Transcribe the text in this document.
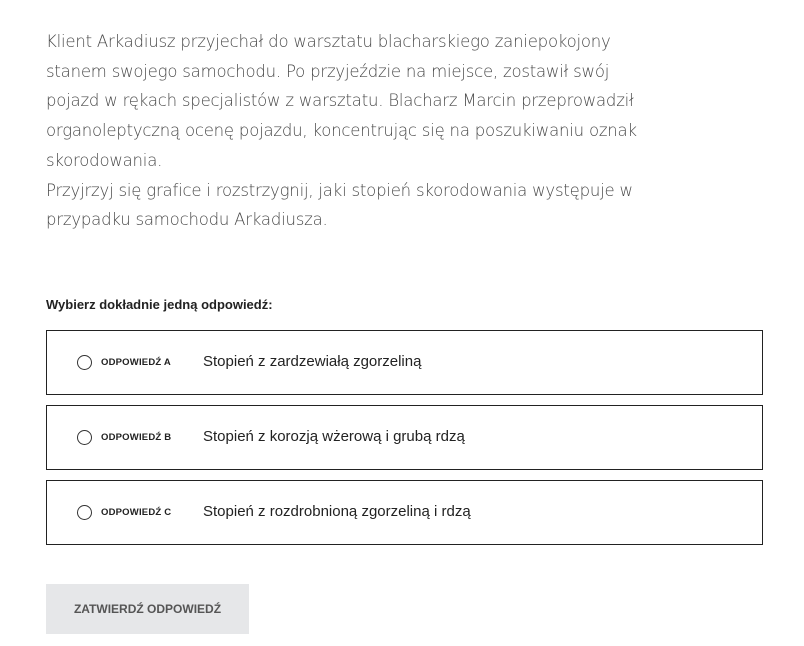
Klient Arkadiusz przyjechał do warsztatu blacharskiego zaniepokojony
stanem swojego samochodu. Po przyjeździe na miejsce, zostawił swój
pojazd w rękach specjalistów z warsztatu. Blacharz Marcin przeprowadził
organoleptyczną ocenę pojazdu, koncentrując się na poszukiwaniu oznak
skorodowania.
Przyjrzyj się grafice i rozstrzygnij, jaki stopień skorodowania występuje w
przypadku samochodu Arkadiusza.
Wybierz dokładnie jedną odpowiedź:
ODPOWIEDŹ A Stopień z zardzewiałą zgorzeliną
ODPOWIEDŹ B Stopień z korozją wżerową i grubą rdzą
ODPOWIEDŹ C Stopień z rozdrobnioną zgorzeliną i rdzą
ZATWIERDŹ ODPOWIEDŹ
